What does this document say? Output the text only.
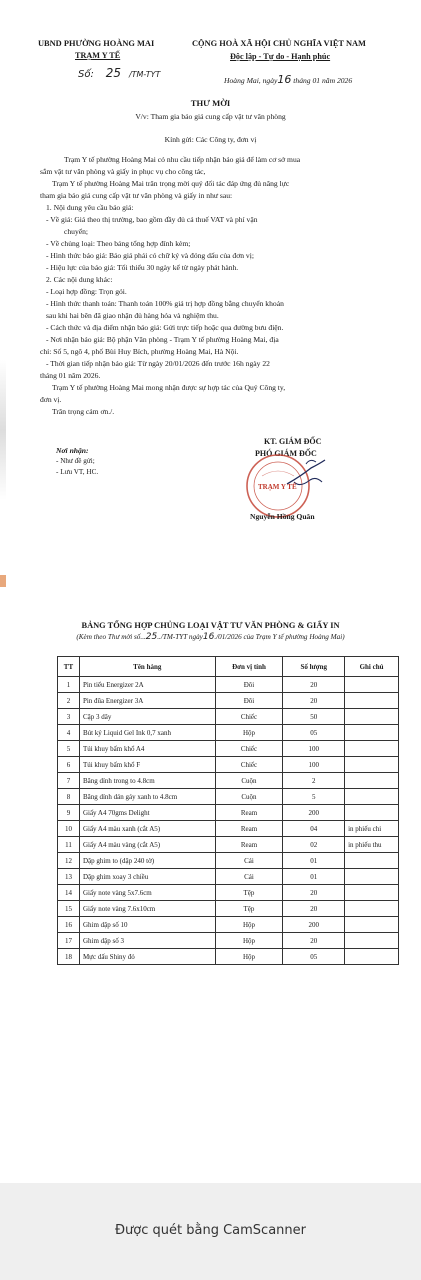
UBND PHƯỜNG HOÀNG MAI
TRẠM Y TẾ
Số: 25 /TM-TYT
CỘNG HOÀ XÃ HỘI CHỦ NGHĨA VIỆT NAM
Độc lập - Tự do - Hạnh phúc
Hoàng Mai, ngày16 tháng 01 năm 2026
THƯ MỜI
V/v: Tham gia báo giá cung cấp vật tư văn phòng
Kính gửi: Các Công ty, đơn vị
Trạm Y tế phường Hoàng Mai có nhu cầu tiếp nhận báo giá để làm cơ sở mua
sắm vật tư văn phòng và giấy in phục vụ cho công tác,
Trạm Y tế phường Hoàng Mai trân trọng mời quý đối tác đáp ứng đủ năng lực
tham gia báo giá cung cấp vật tư văn phòng và giấy in như sau:
1. Nội dung yêu cầu báo giá:
- Về giá: Giá theo thị trường, bao gồm đầy đủ cả thuế VAT và phí vận
chuyển;
- Về chủng loại: Theo bảng tổng hợp đính kèm;
- Hình thức báo giá: Báo giá phải có chữ ký và đóng dấu của đơn vị;
- Hiệu lực của báo giá: Tối thiểu 30 ngày kể từ ngày phát hành.
2. Các nội dung khác:
- Loại hợp đồng: Trọn gói.
- Hình thức thanh toán: Thanh toán 100% giá trị hợp đồng bằng chuyển khoản
sau khi hai bên đã giao nhận đủ hàng hóa và nghiệm thu.
- Cách thức và địa điểm nhận báo giá: Gửi trực tiếp hoặc qua đường bưu điện.
- Nơi nhận báo giá: Bộ phận Văn phòng - Trạm Y tế phường Hoàng Mai, địa
chỉ: Số 5, ngõ 4, phố Bùi Huy Bích, phường Hoàng Mai, Hà Nội.
- Thời gian tiếp nhận báo giá: Từ ngày 20/01/2026 đến trước 16h ngày 22
tháng 01 năm 2026.
Trạm Y tế phường Hoàng Mai mong nhận được sự hợp tác của Quý Công ty,
đơn vị.
Trân trọng cảm ơn./.
Nơi nhận:
- Như đề gửi;
- Lưu VT, HC.
KT. GIÁM ĐỐC
PHÓ GIÁM ĐỐC
TRẠM Y TẾ
Nguyễn Hồng Quân
BẢNG TỔNG HỢP CHỦNG LOẠI VẬT TƯ VĂN PHÒNG & GIẤY IN
(Kèm theo Thư mời số...25../TM-TYT ngày16./01/2026 của Trạm Y tế phường Hoàng Mai)
TT	Tên hàng	Đơn vị tính	Số lượng	Ghi chú
1	Pin tiểu Energizer 2A	Đôi	20	
2	Pin đũa Energizer 3A	Đôi	20	
3	Cặp 3 dây	Chiếc	50	
4	Bút ký Liquid Gel Ink 0,7 xanh	Hộp	05	
5	Túi khuy bấm khổ A4	Chiếc	100	
6	Túi khuy bấm khổ F	Chiếc	100	
7	Băng dính trong to 4.8cm	Cuộn	2	
8	Băng dính dán gáy xanh to 4.8cm	Cuộn	5	
9	Giấy A4 70gms Delight	Ream	200	
10	Giấy A4 màu xanh (cắt A5)	Ream	04	in phiếu chi
11	Giấy A4 màu vàng (cắt A5)	Ream	02	in phiếu thu
12	Dập ghim to (dập 240 tờ)	Cái	01	
13	Dập ghim xoay 3 chiều	Cái	01	
14	Giấy note vàng 5x7.6cm	Tệp	20	
15	Giấy note vàng 7.6x10cm	Tệp	20	
16	Ghim dập số 10	Hộp	200	
17	Ghim dập số 3	Hộp	20	
18	Mực dấu Shiny đỏ	Hộp	05	
Được quét bằng CamScanner
